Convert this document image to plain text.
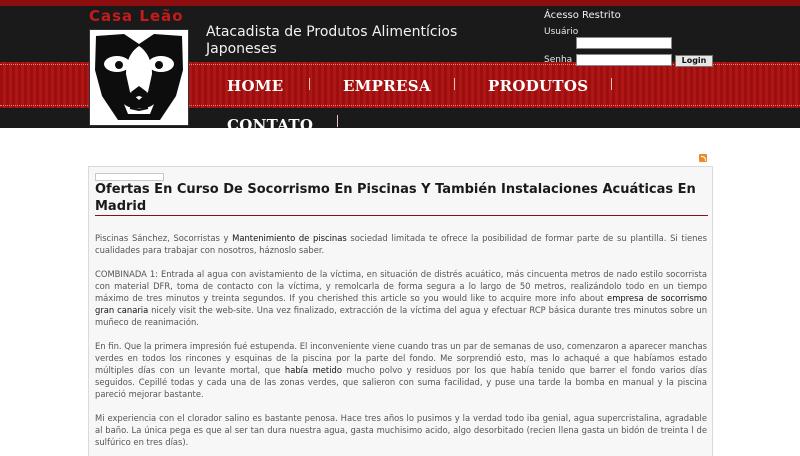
Casa Leão
Atacadista de Produtos Alimentícios Japoneses
Ácesso Restrito
Usuário
Senha	Login
HOME	EMPRESA	PRODUTOS
CONTATO
Ofertas En Curso De Socorrismo En Piscinas Y También Instalaciones Acuáticas En Madrid

Piscinas Sánchez, Socorristas y Mantenimiento de piscinas sociedad limitada te ofrece la posibilidad de formar parte de su plantilla. Si tienes cualidades para trabajar con nosotros, háznoslo saber.

COMBINADA 1: Entrada al agua con avistamiento de la víctima, en situación de distrés acuático, más cincuenta metros de nado estilo socorrista con material DFR, toma de contacto con la víctima, y remolcarla de forma segura a lo largo de 50 metros, realizándolo todo en un tiempo máximo de tres minutos y treinta segundos. If you cherished this article so you would like to acquire more info about empresa de socorrismo gran canaria nicely visit the web-site. Una vez finalizado, extracción de la víctima del agua y efectuar RCP básica durante tres minutos sobre un muñeco de reanimación.

En fin. Que la primera impresión fué estupenda. El inconveniente viene cuando tras un par de semanas de uso, comenzaron a aparecer manchas verdes en todos los rincones y esquinas de la piscina por la parte del fondo. Me sorprendió esto, mas lo achaqué a que habíamos estado múltiples días con un levante mortal, que había metido mucho polvo y residuos por los que había tenido que barrer el fondo varios días seguidos. Cepillé todas y cada una de las zonas verdes, que salieron con suma facilidad, y puse una tarde la bomba en manual y la piscina pareció mejorar bastante.

Mi experiencia con el clorador salino es bastante penosa. Hace tres años lo pusimos y la verdad todo iba genial, agua supercristalina, agradable al baño. La única pega es que al ser tan dura nuestra agua, gasta muchisimo acido, algo desorbitado (recien llena gasta un bidón de treinta l de sulfúrico en tres días).
